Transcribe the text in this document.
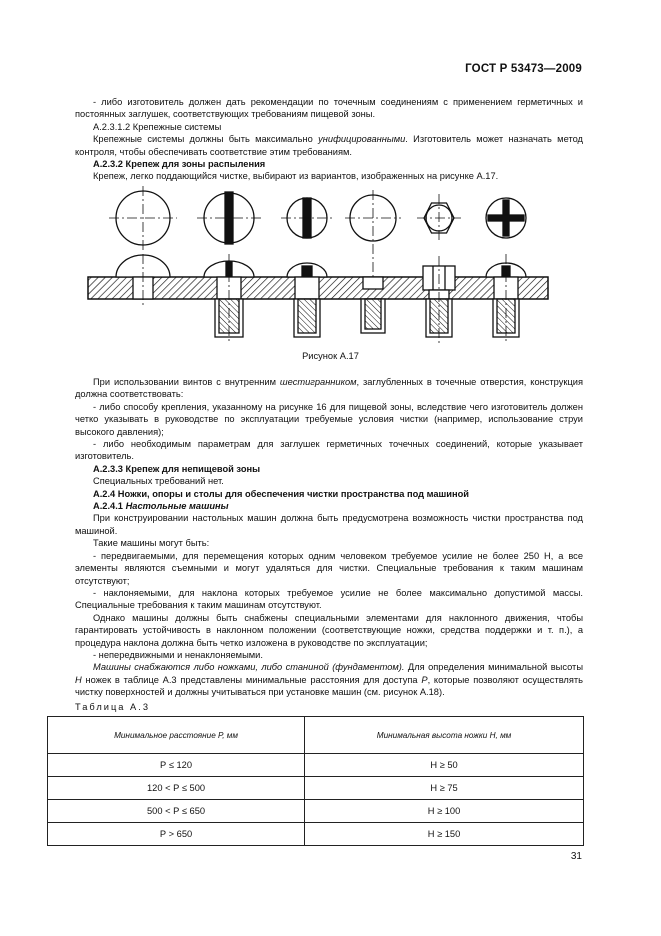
ГОСТ Р 53473—2009

- либо изготовитель должен дать рекомендации по точечным соединениям с применением герметичных и постоянных заглушек, соответствующих требованиям пищевой зоны.

А.2.3.1.2 Крепежные системы

Крепежные системы должны быть максимально унифицированными. Изготовитель может назначать метод контроля, чтобы обеспечивать соответствие этим требованиям.

А.2.3.2 Крепеж для зоны распыления

Крепеж, легко поддающийся чистке, выбирают из вариантов, изображенных на рисунке А.17.

Рисунок А.17

При использовании винтов с внутренним шестигранником, заглубленных в точечные отверстия, конструкция должна соответствовать:

- либо способу крепления, указанному на рисунке 16 для пищевой зоны, вследствие чего изготовитель должен четко указывать в руководстве по эксплуатации требуемые условия чистки (например, использование струи высокого давления);

- либо необходимым параметрам для заглушек герметичных точечных соединений, которые указывает изготовитель.

А.2.3.3 Крепеж для непищевой зоны

Специальных требований нет.

А.2.4 Ножки, опоры и столы для обеспечения чистки пространства под машиной

А.2.4.1 Настольные машины

При конструировании настольных машин должна быть предусмотрена возможность чистки пространства под машиной.

Такие машины могут быть:

- передвигаемыми, для перемещения которых одним человеком требуемое усилие не более 250 Н, а все элементы являются съемными и могут удаляться для чистки. Специальные требования к таким машинам отсутствуют;

- наклоняемыми, для наклона которых требуемое усилие не более максимально допустимой массы. Специальные требования к таким машинам отсутствуют.

Однако машины должны быть снабжены специальными элементами для наклонного движения, чтобы гарантировать устойчивость в наклонном положении (соответствующие ножки, средства поддержки и т. п.), а процедура наклона должна быть четко изложена в руководстве по эксплуатации;

- непередвижными и ненаклоняемыми.

Машины снабжаются либо ножками, либо станиной (фундаментом). Для определения минимальной высоты Н ножек в таблице А.3 представлены минимальные расстояния для доступа Р, которые позволяют осуществлять чистку поверхностей и должны учитываться при установке машин (см. рисунок А.18).

Таблица А.3
Минимальное расстояние Р, мм	Минимальная высота ножки Н, мм
Р ≤ 120	Н ≥ 50
120 < Р ≤ 500	Н ≥ 75
500 < Р ≤ 650	Н ≥ 100
Р > 650	Н ≥ 150
31
